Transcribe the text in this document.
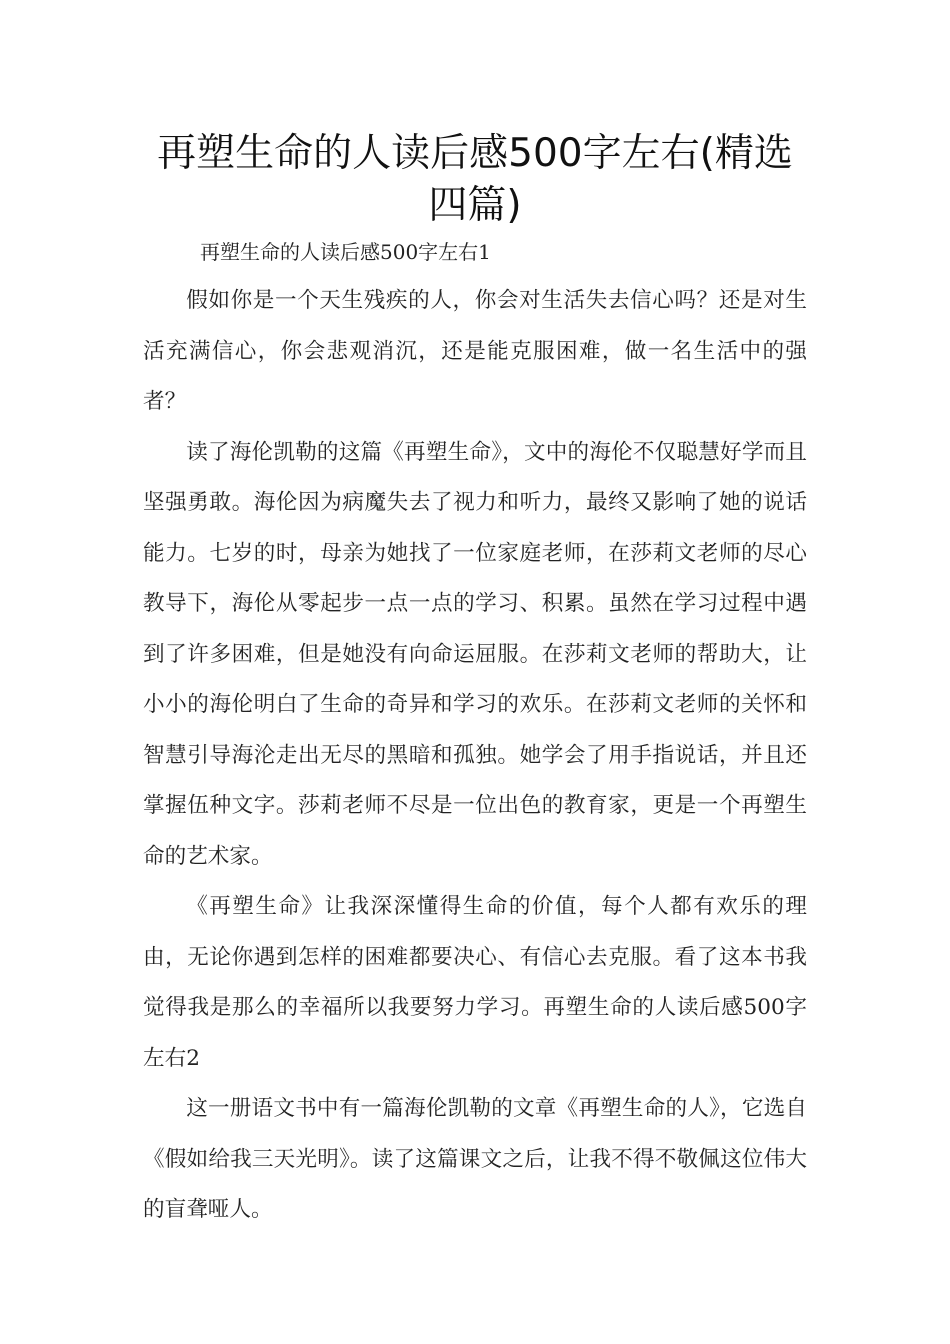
再塑生命的人读后感500字左右(精选四篇)
再塑生命的人读后感500字左右1

假如你是一个天生残疾的人，你会对生活失去信心吗？还是对生活充满信心，你会悲观消沉，还是能克服困难，做一名生活中的强者？

读了海伦凯勒的这篇《再塑生命》，文中的海伦不仅聪慧好学而且坚强勇敢。海伦因为病魔失去了视力和听力，最终又影响了她的说话能力。七岁的时，母亲为她找了一位家庭老师，在莎莉文老师的尽心教导下，海伦从零起步一点一点的学习、积累。虽然在学习过程中遇到了许多困难，但是她没有向命运屈服。在莎莉文老师的帮助大，让小小的海伦明白了生命的奇异和学习的欢乐。在莎莉文老师的关怀和智慧引导海沦走出无尽的黑暗和孤独。她学会了用手指说话，并且还掌握伍种文字。莎莉老师不尽是一位出色的教育家，更是一个再塑生命的艺术家。

《再塑生命》让我深深懂得生命的价值，每个人都有欢乐的理由，无论你遇到怎样的困难都要决心、有信心去克服。看了这本书我觉得我是那么的幸福所以我要努力学习。再塑生命的人读后感500字左右2

这一册语文书中有一篇海伦凯勒的文章《再塑生命的人》，它选自《假如给我三天光明》。读了这篇课文之后，让我不得不敬佩这位伟大的盲聋哑人。
